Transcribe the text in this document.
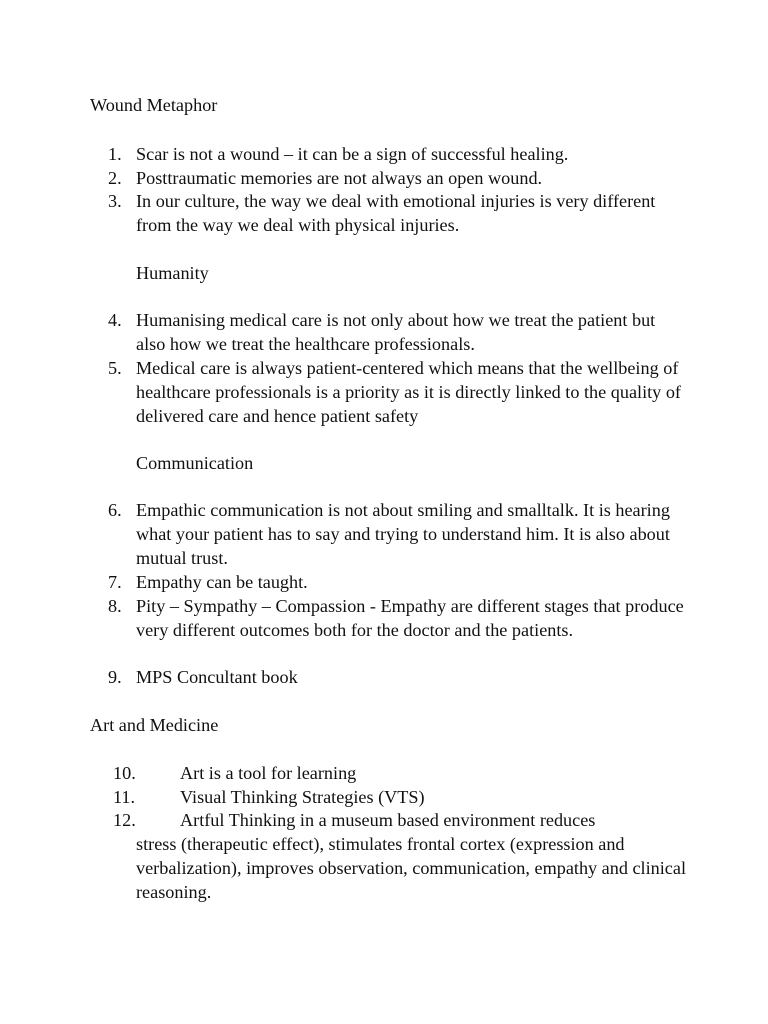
Wound Metaphor
1. Scar is not a wound – it can be a sign of successful healing.
2. Posttraumatic memories are not always an open wound.
3. In our culture, the way we deal with emotional injuries is very different from the way we deal with physical injuries.
Humanity
4. Humanising medical care is not only about how we treat the patient but also how we treat the healthcare professionals.
5. Medical care is always patient-centered which means that the wellbeing of healthcare professionals is a priority as it is directly linked to the quality of delivered care and hence patient safety
Communication
6. Empathic communication is not about smiling and smalltalk. It is hearing what your patient has to say and trying to understand him. It is also about mutual trust.
7. Empathy can be taught.
8. Pity – Sympathy – Compassion - Empathy are different stages that produce very different outcomes both for the doctor and the patients.
9. MPS Concultant book
Art and Medicine
10. Art is a tool for learning
11. Visual Thinking Strategies (VTS)
12. Artful Thinking in a museum based environment reduces
stress (therapeutic effect), stimulates frontal cortex (expression and verbalization), improves observation, communication, empathy and clinical reasoning.
